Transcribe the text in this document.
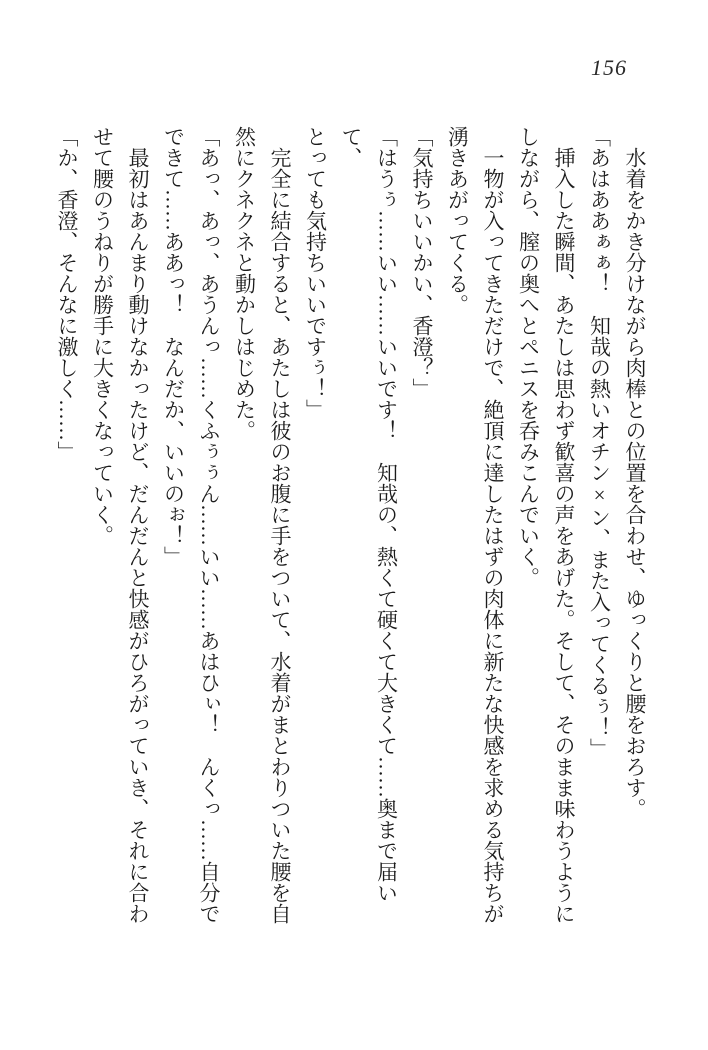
156

水着をかき分けながら肉棒との位置を合わせ、ゆっくりと腰をおろす。

「あはああぁぁ！　知哉の熱いオチン×ン、また入ってくるぅ！」

挿入した瞬間、あたしは思わず歓喜の声をあげた。そして、そのまま味わうように

しながら、膣の奥へとペニスを呑みこんでいく。

一物が入ってきただけで、絶頂に達したはずの肉体に新たな快感を求める気持ちが

湧きあがってくる。

「気持ちいいかい、香澄？」

「はうぅ……いい……いいです！　知哉の、熱くて硬くて大きくて……奥まで届いて、

とっても気持ちいいですぅ！」

完全に結合すると、あたしは彼のお腹に手をついて、水着がまとわりついた腰を自

然にクネクネと動かしはじめた。

「あっ、あっ、あうんっ……くふぅぅん……いい……あはひぃ！　んくっ……自分で

できて……ああっ！　なんだか、いいのぉ！」

最初はあんまり動けなかったけど、だんだんと快感がひろがっていき、それに合わ

せて腰のうねりが勝手に大きくなっていく。

「か、香澄、そんなに激しく……」
